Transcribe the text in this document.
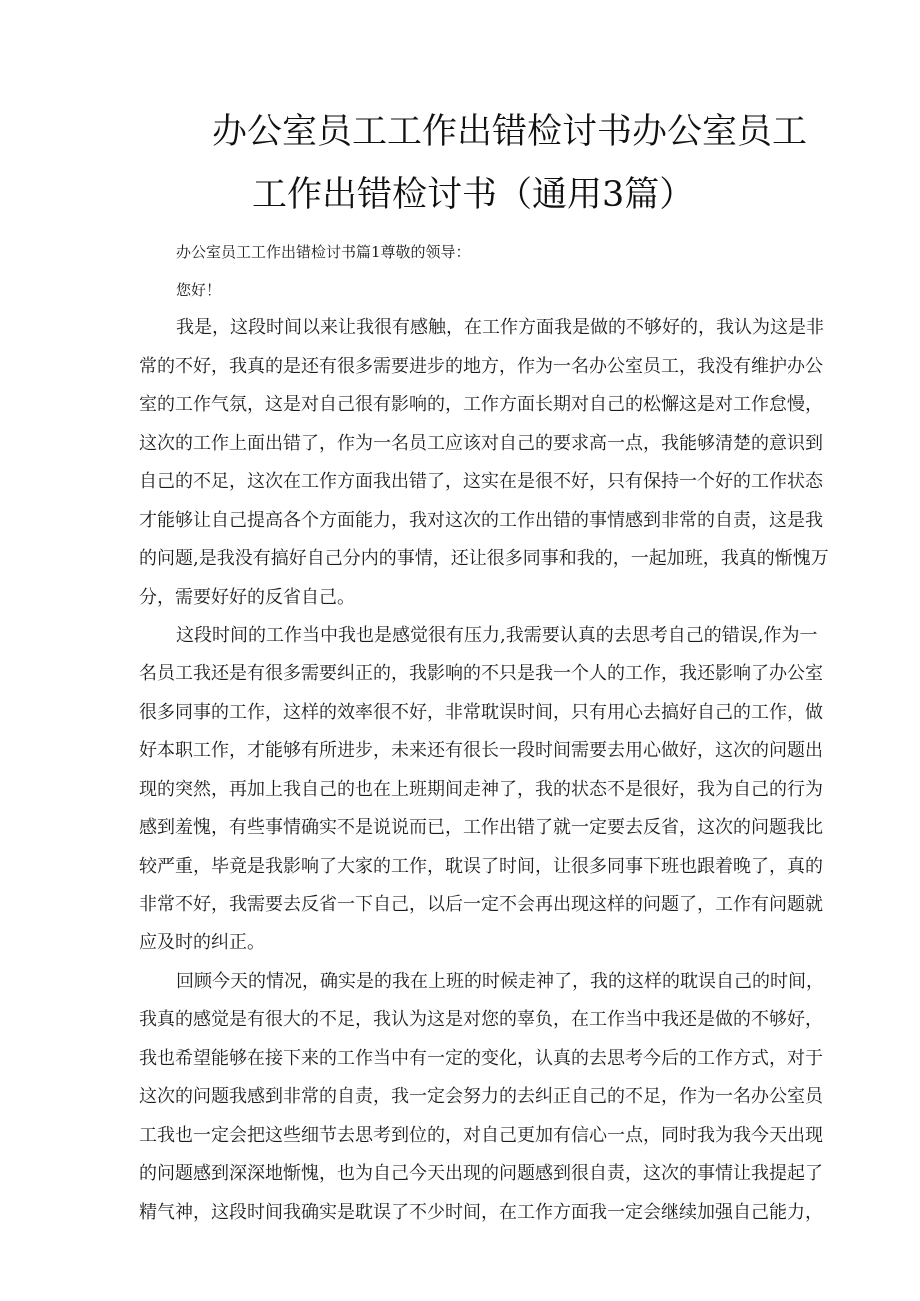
办公室员工工作出错检讨书办公室员工
工作出错检讨书（通用3篇）
办公室员工工作出错检讨书篇1尊敬的领导：
您好！
我是，这段时间以来让我很有感触，在工作方面我是做的不够好的，我认为这是非
常的不好，我真的是还有很多需要进步的地方，作为一名办公室员工，我没有维护办公
室的工作气氛，这是对自己很有影响的，工作方面长期对自己的松懈这是对工作怠慢，
这次的工作上面出错了，作为一名员工应该对自己的要求高一点，我能够清楚的意识到
自己的不足，这次在工作方面我出错了，这实在是很不好，只有保持一个好的工作状态
才能够让自己提高各个方面能力，我对这次的工作出错的事情感到非常的自责，这是我
的问题,是我没有搞好自己分内的事情，还让很多同事和我的，一起加班，我真的惭愧万
分，需要好好的反省自己。
这段时间的工作当中我也是感觉很有压力,我需要认真的去思考自己的错误,作为一
名员工我还是有很多需要纠正的，我影响的不只是我一个人的工作，我还影响了办公室
很多同事的工作，这样的效率很不好，非常耽误时间，只有用心去搞好自己的工作，做
好本职工作，才能够有所进步，未来还有很长一段时间需要去用心做好，这次的问题出
现的突然，再加上我自己的也在上班期间走神了，我的状态不是很好，我为自己的行为
感到羞愧，有些事情确实不是说说而已，工作出错了就一定要去反省，这次的问题我比
较严重，毕竟是我影响了大家的工作，耽误了时间，让很多同事下班也跟着晚了，真的
非常不好，我需要去反省一下自己，以后一定不会再出现这样的问题了，工作有问题就
应及时的纠正。
回顾今天的情况，确实是的我在上班的时候走神了，我的这样的耽误自己的时间，
我真的感觉是有很大的不足，我认为这是对您的辜负，在工作当中我还是做的不够好，
我也希望能够在接下来的工作当中有一定的变化，认真的去思考今后的工作方式，对于
这次的问题我感到非常的自责，我一定会努力的去纠正自己的不足，作为一名办公室员
工我也一定会把这些细节去思考到位的，对自己更加有信心一点，同时我为我今天出现
的问题感到深深地惭愧，也为自己今天出现的问题感到很自责，这次的事情让我提起了
精气神，这段时间我确实是耽误了不少时间，在工作方面我一定会继续加强自己能力，
